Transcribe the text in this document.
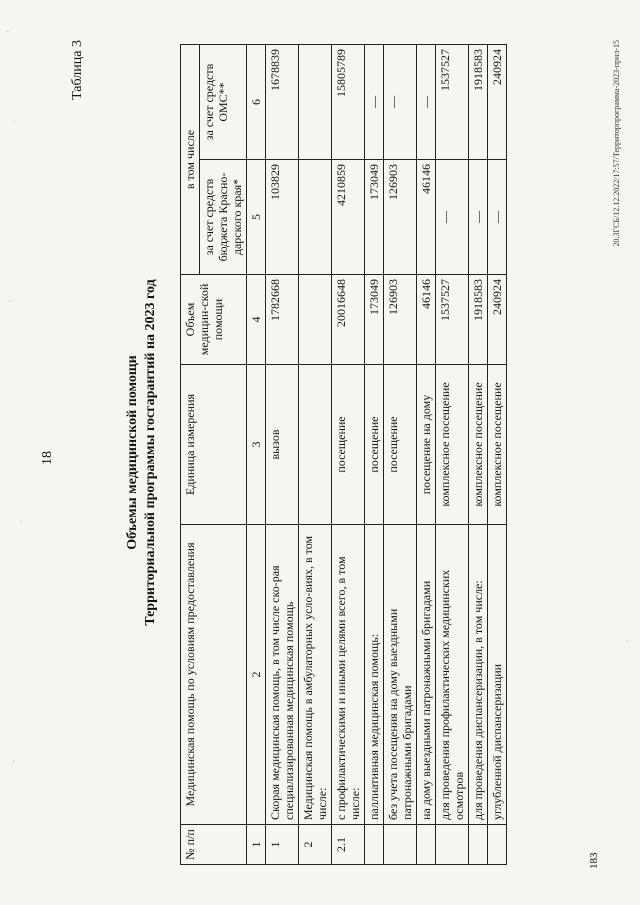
18
Таблица 3
Объемы медицинской помощи Территориальной программы госгарантий на 2023 год
№ п/п	Медицинская помощь по условиям предоставления	Единица измерения	Объем медицин-ской помощи	в том числе	
				за счет средств бюджета Красно-дарского края*	за счет средств ОМС**
1	2	3	4	5	6
1	Скорая медицинская помощь, в том числе ско-рая специализированная медицинская помощь	вызов	1782668	103829	1678839
2	Медицинская помощь в амбулаторных усло-виях, в том числе:				
2.1	с профилактическими и иными целями всего, в том числе:	посещение	20016648	4210859	15805789
	паллиативная медицинская помощь:	посещение	173049	173049	—
	без учета посещения на дому выездными патронажными бригадами	посещение	126903	126903	—
	на дому выездными патронажными бригадами	посещение на дому	46146	46146	—
	для проведения профилактических медицинских осмотров	комплексное посещение	1537527	—	1537527
	для проведения диспансеризации, в том числе:	комплексное посещение	1918583	—	1918583
	углубленной диспансеризации	комплексное посещение	240924	—	240924	20.3ГСБ/12.12.2022/17:57/Территорпрограмма-2023-прил-15
183
